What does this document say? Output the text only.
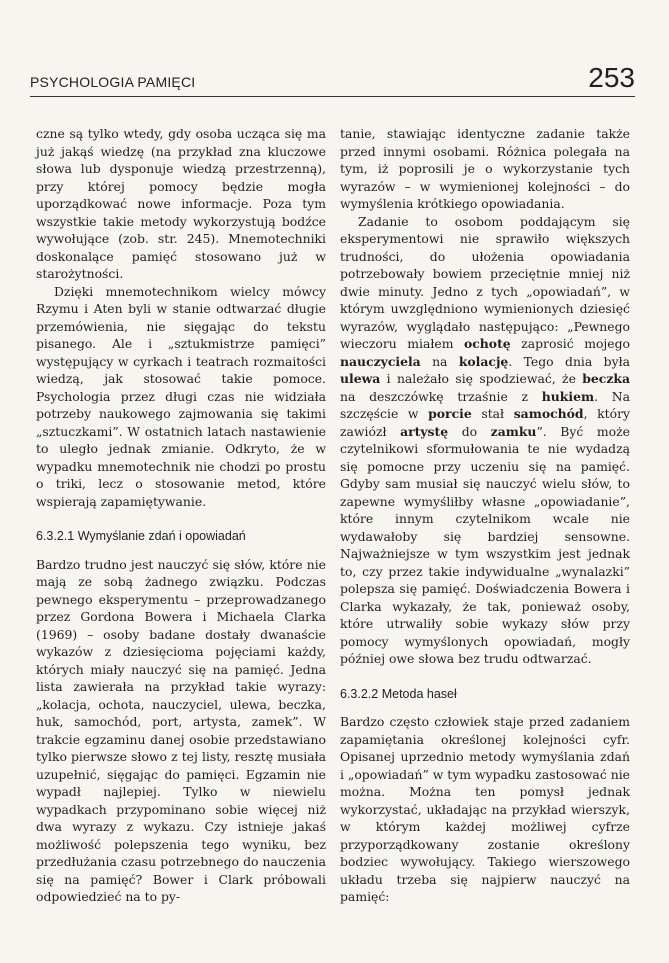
PSYCHOLOGIA PAMIĘCI	253

czne są tylko wtedy, gdy osoba ucząca się ma już jakąś wiedzę (na przykład zna kluczowe słowa lub dysponuje wiedzą przestrzenną), przy której pomocy będzie mogła uporządkować nowe informacje. Poza tym wszystkie takie metody wykorzystują bodźce wywołujące (zob. str. 245). Mnemotechniki doskonalące pamięć stosowano już w starożytności.

Dzięki mnemotechnikom wielcy mówcy Rzymu i Aten byli w stanie odtwarzać długie przemówienia, nie sięgając do tekstu pisanego. Ale i „sztukmistrze pamięci” występujący w cyrkach i teatrach rozmaitości wiedzą, jak stosować takie pomoce. Psychologia przez długi czas nie widziała potrzeby naukowego zajmowania się takimi „sztuczkami”. W ostatnich latach nastawienie to uległo jednak zmianie. Odkryto, że w wypadku mnemotechnik nie chodzi po prostu o triki, lecz o stosowanie metod, które wspierają zapamiętywanie.

6.3.2.1 Wymyślanie zdań i opowiadań

Bardzo trudno jest nauczyć się słów, które nie mają ze sobą żadnego związku. Podczas pewnego eksperymentu – przeprowadzanego przez Gordona Bowera i Michaela Clarka (1969) – osoby badane dostały dwanaście wykazów z dziesięcioma pojęciami każdy, których miały nauczyć się na pamięć. Jedna lista zawierała na przykład takie wyrazy: „kolacja, ochota, nauczyciel, ulewa, beczka, huk, samochód, port, artysta, zamek”. W trakcie egzaminu danej osobie przedstawiano tylko pierwsze słowo z tej listy, resztę musiała uzupełnić, sięgając do pamięci. Egzamin nie wypadł najlepiej. Tylko w niewielu wypadkach przypominano sobie więcej niż dwa wyrazy z wykazu. Czy istnieje jakaś możliwość polepszenia tego wyniku, bez przedłużania czasu potrzebnego do nauczenia się na pamięć? Bower i Clark próbowali odpowiedzieć na to py-

tanie, stawiając identyczne zadanie także przed innymi osobami. Różnica polegała na tym, iż poprosili je o wykorzystanie tych wyrazów – w wymienionej kolejności – do wymyślenia krótkiego opowiadania.

Zadanie to osobom poddającym się eksperymentowi nie sprawiło większych trudności, do ułożenia opowiadania potrzebowały bowiem przeciętnie mniej niż dwie minuty. Jedno z tych „opowiadań”, w którym uwzględniono wymienionych dziesięć wyrazów, wyglądało następująco: „Pewnego wieczoru miałem ochotę zaprosić mojego nauczyciela na kolację. Tego dnia była ulewa i należało się spodziewać, że beczka na deszczówkę trzaśnie z hukiem. Na szczęście w porcie stał samochód, który zawiózł artystę do zamku”. Być może czytelnikowi sformułowania te nie wydadzą się pomocne przy uczeniu się na pamięć. Gdyby sam musiał się nauczyć wielu słów, to zapewne wymyśliłby własne „opowiadanie”, które innym czytelnikom wcale nie wydawałoby się bardziej sensowne. Najważniejsze w tym wszystkim jest jednak to, czy przez takie indywidualne „wynalazki” polepsza się pamięć. Doświadczenia Bowera i Clarka wykazały, że tak, ponieważ osoby, które utrwaliły sobie wykazy słów przy pomocy wymyślonych opowiadań, mogły później owe słowa bez trudu odtwarzać.

6.3.2.2 Metoda haseł

Bardzo często człowiek staje przed zadaniem zapamiętania określonej kolejności cyfr. Opisanej uprzednio metody wymyślania zdań i „opowiadań” w tym wypadku zastosować nie można. Można ten pomysł jednak wykorzystać, układając na przykład wierszyk, w którym każdej możliwej cyfrze przyporządkowany zostanie określony bodziec wywołujący. Takiego wierszowego układu trzeba się najpierw nauczyć na pamięć:
